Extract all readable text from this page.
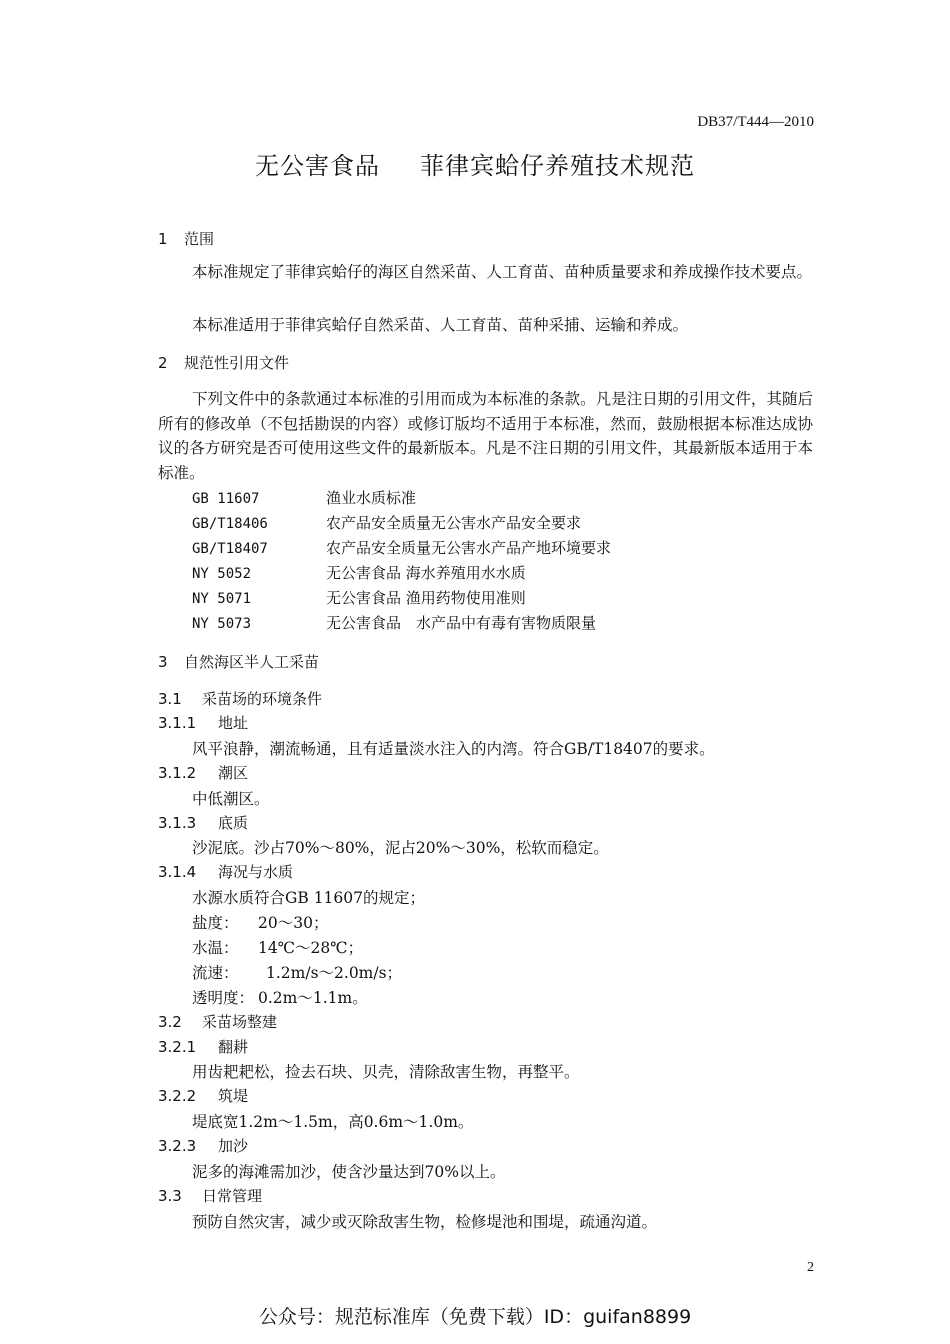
DB37/T444—2010
无公害食品 菲律宾蛤仔养殖技术规范
1 范围
本标准规定了菲律宾蛤仔的海区自然采苗、人工育苗、苗种质量要求和养成操作技术要点。
本标准适用于菲律宾蛤仔自然采苗、人工育苗、苗种采捕、运输和养成。
2 规范性引用文件
下列文件中的条款通过本标准的引用而成为本标准的条款。凡是注日期的引用文件，其随后所有的修改单（不包括勘误的内容）或修订版均不适用于本标准，然而，鼓励根据本标准达成协议的各方研究是否可使用这些文件的最新版本。凡是不注日期的引用文件，其最新版本适用于本标准。
GB 11607	渔业水质标准
GB/T18406	农产品安全质量无公害水产品安全要求
GB/T18407	农产品安全质量无公害水产品产地环境要求
NY 5052	无公害食品 海水养殖用水水质
NY 5071	无公害食品 渔用药物使用准则
NY 5073	无公害食品　水产品中有毒有害物质限量
3 自然海区半人工采苗
3.1 采苗场的环境条件
3.1.1 地址
风平浪静，潮流畅通，且有适量淡水注入的内湾。符合GB/T18407的要求。
3.1.2 潮区
中低潮区。
3.1.3 底质
沙泥底。沙占70%～80%，泥占20%～30%，松软而稳定。
3.1.4 海况与水质
水源水质符合GB 11607的规定；
盐度： 20～30；
水温： 14℃～28℃；
流速： 1.2m/s～2.0m/s；
透明度： 0.2m～1.1m。
3.2 采苗场整建
3.2.1 翻耕
用齿耙耙松，捡去石块、贝壳，清除敌害生物，再整平。
3.2.2 筑堤
堤底宽1.2m～1.5m，高0.6m～1.0m。
3.2.3 加沙
泥多的海滩需加沙，使含沙量达到70%以上。
3.3 日常管理
预防自然灾害，减少或灭除敌害生物，检修堤池和围堤，疏通沟道。
2
公众号：规范标准库（免费下载）ID：guifan8899
